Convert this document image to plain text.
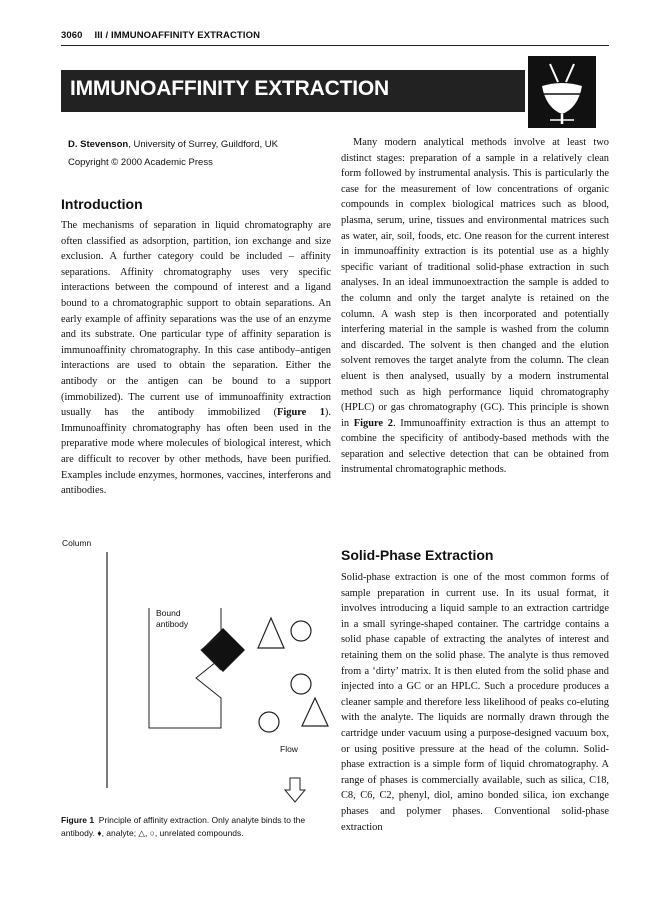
3060 III / IMMUNOAFFINITY EXTRACTION
IMMUNOAFFINITY EXTRACTION
D. Stevenson, University of Surrey, Guildford, UK
Copyright © 2000 Academic Press
Introduction

The mechanisms of separation in liquid chromatography are often classified as adsorption, partition, ion exchange and size exclusion. A further category could be included – affinity separations. Affinity chromatography uses very specific interactions between the compound of interest and a ligand bound to a chromatographic support to obtain separations. An early example of affinity separations was the use of an enzyme and its substrate. One particular type of affinity separation is immunoaffinity chromatography. In this case antibody–antigen interactions are used to obtain the separation. Either the antibody or the antigen can be bound to a support (immobilized). The current use of immunoaffinity extraction usually has the antibody immobilized (Figure 1). Immunoaffinity chromatography has often been used in the preparative mode where molecules of biological interest, which are difficult to recover by other methods, have been purified. Examples include enzymes, hormones, vaccines, interferons and antibodies.

Many modern analytical methods involve at least two distinct stages: preparation of a sample in a relatively clean form followed by instrumental analysis. This is particularly the case for the measurement of low concentrations of organic compounds in complex biological matrices such as blood, plasma, serum, urine, tissues and environmental matrices such as water, air, soil, foods, etc. One reason for the current interest in immunoaffinity extraction is its potential use as a highly specific variant of traditional solid-phase extraction in such analyses. In an ideal immunoextraction the sample is added to the column and only the target analyte is retained on the column. A wash step is then incorporated and potentially interfering material in the sample is washed from the column and discarded. The solvent is then changed and the elution solvent removes the target analyte from the column. The clean eluent is then analysed, usually by a modern instrumental method such as high performance liquid chromatography (HPLC) or gas chromatography (GC). This principle is shown in Figure 2. Immunoaffinity extraction is thus an attempt to combine the specificity of antibody-based methods with the separation and selective detection that can be obtained from instrumental chromatographic methods.

Column
Bound
antibody
Flow
Figure 1 Principle of affinity extraction. Only analyte binds to the antibody. ♦, analyte; △, ○, unrelated compounds.
Solid-Phase Extraction

Solid-phase extraction is one of the most common forms of sample preparation in current use. In its usual format, it involves introducing a liquid sample to an extraction cartridge in a small syringe-shaped container. The cartridge contains a solid phase capable of extracting the analytes of interest and retaining them on the solid phase. The analyte is thus removed from a ‘dirty’ matrix. It is then eluted from the solid phase and injected into a GC or an HPLC. Such a procedure produces a cleaner sample and therefore less likelihood of peaks co-eluting with the analyte. The liquids are normally drawn through the cartridge under vacuum using a purpose-designed vacuum box, or using positive pressure at the head of the column. Solid-phase extraction is a simple form of liquid chromatography. A range of phases is commercially available, such as silica, C18, C8, C6, C2, phenyl, diol, amino bonded silica, ion exchange phases and polymer phases. Conventional solid-phase extraction
